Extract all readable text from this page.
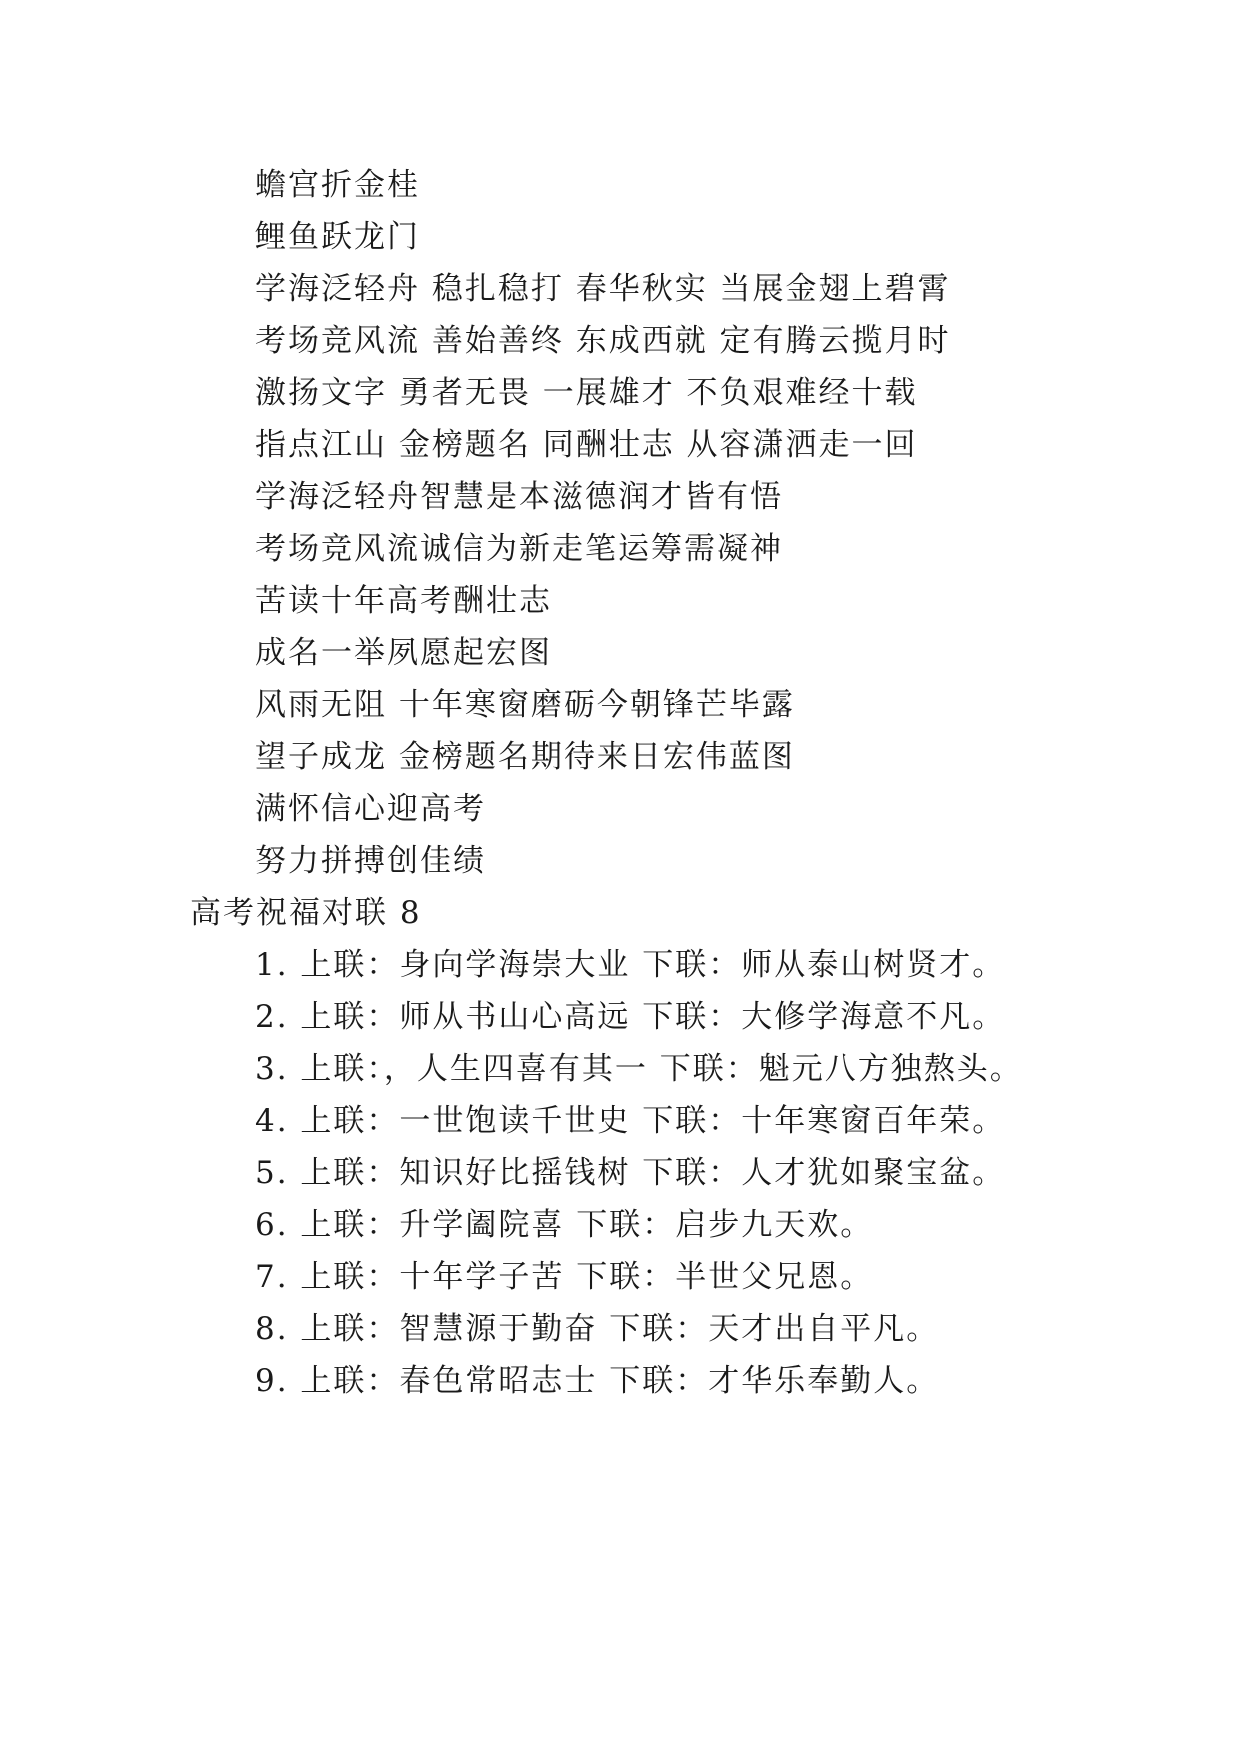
蟾宫折金桂
鲤鱼跃龙门
学海泛轻舟 稳扎稳打 春华秋实 当展金翅上碧霄
考场竞风流 善始善终 东成西就 定有腾云揽月时
激扬文字 勇者无畏 一展雄才 不负艰难经十载
指点江山 金榜题名 同酬壮志 从容潇洒走一回
学海泛轻舟智慧是本滋德润才皆有悟
考场竞风流诚信为新走笔运筹需凝神
苦读十年高考酬壮志
成名一举夙愿起宏图
风雨无阻 十年寒窗磨砺今朝锋芒毕露
望子成龙 金榜题名期待来日宏伟蓝图
满怀信心迎高考
努力拼搏创佳绩
高考祝福对联 8
1. 上联：身向学海崇大业 下联：师从泰山树贤才。
2. 上联：师从书山心高远 下联：大修学海意不凡。
3. 上联：，人生四喜有其一 下联：魁元八方独熬头。
4. 上联：一世饱读千世史 下联：十年寒窗百年荣。
5. 上联：知识好比摇钱树 下联：人才犹如聚宝盆。
6. 上联：升学阖院喜 下联：启步九天欢。
7. 上联：十年学子苦 下联：半世父兄恩。
8. 上联：智慧源于勤奋 下联：天才出自平凡。
9. 上联：春色常昭志士 下联：才华乐奉勤人。
